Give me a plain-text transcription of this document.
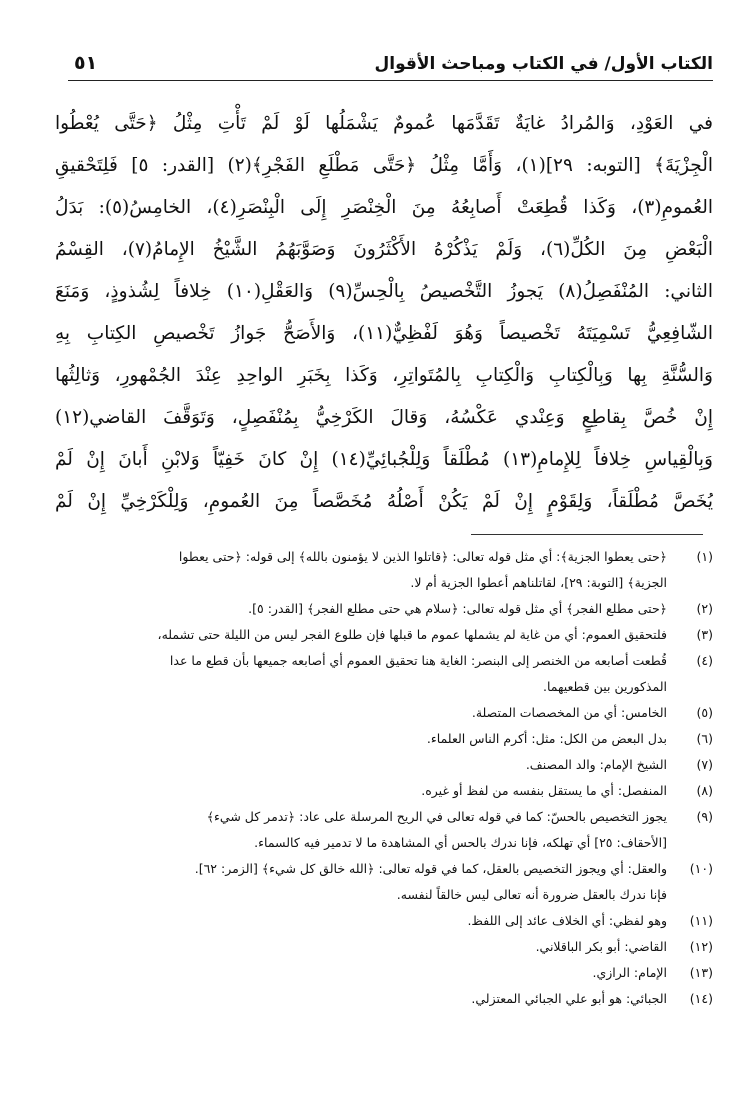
الكتاب الأول/ في الكتاب ومباحث الأقوال
٥١
في العَوْدِ، وَالمُرادُ غايَةٌ تَقَدَّمَها عُمومٌ يَشْمَلُها لَوْ لَمْ تَأْتِ مِثْلُ ﴿حَتَّى يُعْطُوا
الْجِزْيَةَ﴾ [التوبه: ٢٩](١)، وَأَمَّا مِثْلُ ﴿حَتَّى مَطْلَعِ الفَجْرِ﴾(٢) [القدر: ٥] فَلِتَحْقيقِ
العُمومِ(٣)، وَكَذا قُطِعَتْ أَصابِعُهُ مِنَ الْخِنْصَرِ إِلَى الْبِنْصَرِ(٤)، الخامِسُ(٥): بَدَلُ
الْبَعْضِ مِنَ الكُلِّ(٦)، وَلَمْ يَذْكُرْهُ الأَكْثَرُونَ وَصَوَّبَهُمُ الشَّيْخُ الإِمامُ(٧)، القِسْمُ
الثاني: المُنْفَصِلُ(٨) يَجوزُ التَّخْصيصُ بِالْحِسِّ(٩) وَالعَقْلِ(١٠) خِلافاً لِشُذوذٍ، وَمَنَعَ
الشّافِعِيُّ تَسْمِيَتَهُ تَخْصيصاً وَهُوَ لَفْظِيٌّ(١١)، وَالأَصَحُّ جَوازُ تَخْصيصِ الكِتابِ بِهِ
وَالسُّنَّةِ بِها وَبِالْكِتابِ وَالْكِتابِ بِالمُتَواتِرِ، وَكَذا بِخَبَرِ الواحِدِ عِنْدَ الجُمْهورِ، وَثالِثُها
إِنْ خُصَّ بِقاطِعٍ وَعِنْدي عَكْسُهُ، وَقالَ الكَرْخِيُّ بِمُنْفَصِلٍ، وَتَوَقَّفَ القاضي(١٢)
وَبِالْقِياسِ خِلافاً لِلإِمامِ(١٣) مُطْلَقاً وَلِلْجُبائِيِّ(١٤) إِنْ كانَ خَفِيّاً وَلابْنِ أَبانَ إِنْ لَمْ
يُخَصَّ مُطْلَقاً، وَلِقَوْمٍ إِنْ لَمْ يَكُنْ أَصْلُهُ مُخَصَّصاً مِنَ العُمومِ، وَلِلْكَرْخِيِّ إِنْ لَمْ
(١)
﴿حتى يعطوا الجزية﴾: أي مثل قوله تعالى: ﴿قاتلوا الذين لا يؤمنون بالله﴾ إلى قوله: ﴿حتى يعطوا
الجزية﴾ [التوبة: ٢٩]، لقاتلناهم أعطوا الجزية أم لا.
(٢)
﴿حتى مطلع الفجر﴾ أي مثل قوله تعالى: ﴿سلام هي حتى مطلع الفجر﴾ [القدر: ٥].
(٣)
فلتحقيق العموم: أي من غاية لم يشملها عموم ما قبلها فإن طلوع الفجر ليس من الليلة حتى تشمله،
(٤)
قُطعت أصابعه من الخنصر إلى البنصر: الغاية هنا تحقيق العموم أي أصابعه جميعها بأن قطع ما عدا
المذكورين بين قطعيهما.
(٥)
الخامس: أي من المخصصات المتصلة.
(٦)
بدل البعض من الكل: مثل: أكرم الناس العلماء.
(٧)
الشيخ الإمام: والد المصنف.
(٨)
المنفصل: أي ما يستقل بنفسه من لفظ أو غيره.
(٩)
يجوز التخصيص بالحسّ: كما في قوله تعالى في الريح المرسلة على عاد: ﴿تدمر كل شيء﴾
[الأحقاف: ٢٥] أي تهلكه، فإنا ندرك بالحس أي المشاهدة ما لا تدمير فيه كالسماء.
(١٠)
والعقل: أي ويجوز التخصيص بالعقل، كما في قوله تعالى: ﴿الله خالق كل شيء﴾ [الزمر: ٦٢].
فإنا ندرك بالعقل ضرورة أنه تعالى ليس خالقاً لنفسه.
(١١)
وهو لفظي: أي الخلاف عائد إلى اللفظ.
(١٢)
القاضي: أبو بكر الباقلاني.
(١٣)
الإمام: الرازي.
(١٤)
الجبائي: هو أبو علي الجبائي المعتزلي.
